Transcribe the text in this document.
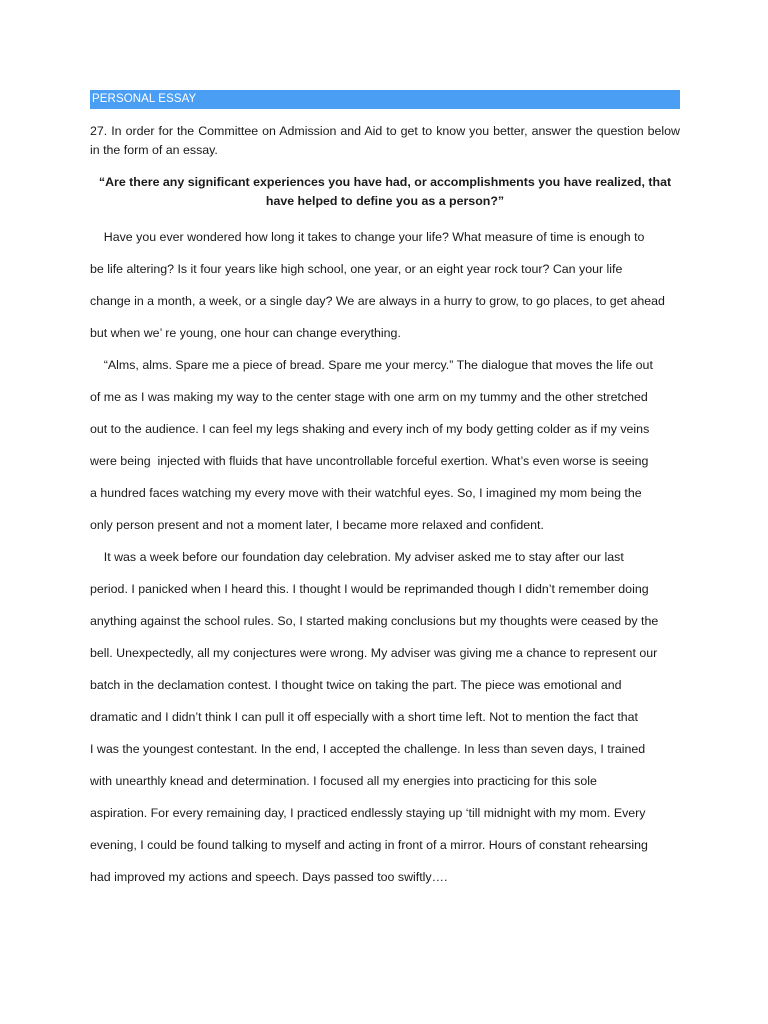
PERSONAL ESSAY
27. In order for the Committee on Admission and Aid to get to know you better, answer the question below in the form of an essay.
“Are there any significant experiences you have had, or accomplishments you have realized, that have helped to define you as a person?”
Have you ever wondered how long it takes to change your life? What measure of time is enough to
be life altering? Is it four years like high school, one year, or an eight year rock tour? Can your life
change in a month, a week, or a single day? We are always in a hurry to grow, to go places, to get ahead
but when we’ re young, one hour can change everything.
“Alms, alms. Spare me a piece of bread. Spare me your mercy.” The dialogue that moves the life out
of me as I was making my way to the center stage with one arm on my tummy and the other stretched
out to the audience. I can feel my legs shaking and every inch of my body getting colder as if my veins
were being  injected with fluids that have uncontrollable forceful exertion. What’s even worse is seeing
a hundred faces watching my every move with their watchful eyes. So, I imagined my mom being the
only person present and not a moment later, I became more relaxed and confident.
It was a week before our foundation day celebration. My adviser asked me to stay after our last
period. I panicked when I heard this. I thought I would be reprimanded though I didn’t remember doing
anything against the school rules. So, I started making conclusions but my thoughts were ceased by the
bell. Unexpectedly, all my conjectures were wrong. My adviser was giving me a chance to represent our
batch in the declamation contest. I thought twice on taking the part. The piece was emotional and
dramatic and I didn’t think I can pull it off especially with a short time left. Not to mention the fact that
I was the youngest contestant. In the end, I accepted the challenge. In less than seven days, I trained
with unearthly knead and determination. I focused all my energies into practicing for this sole
aspiration. For every remaining day, I practiced endlessly staying up ‘till midnight with my mom. Every
evening, I could be found talking to myself and acting in front of a mirror. Hours of constant rehearsing
had improved my actions and speech. Days passed too swiftly….
